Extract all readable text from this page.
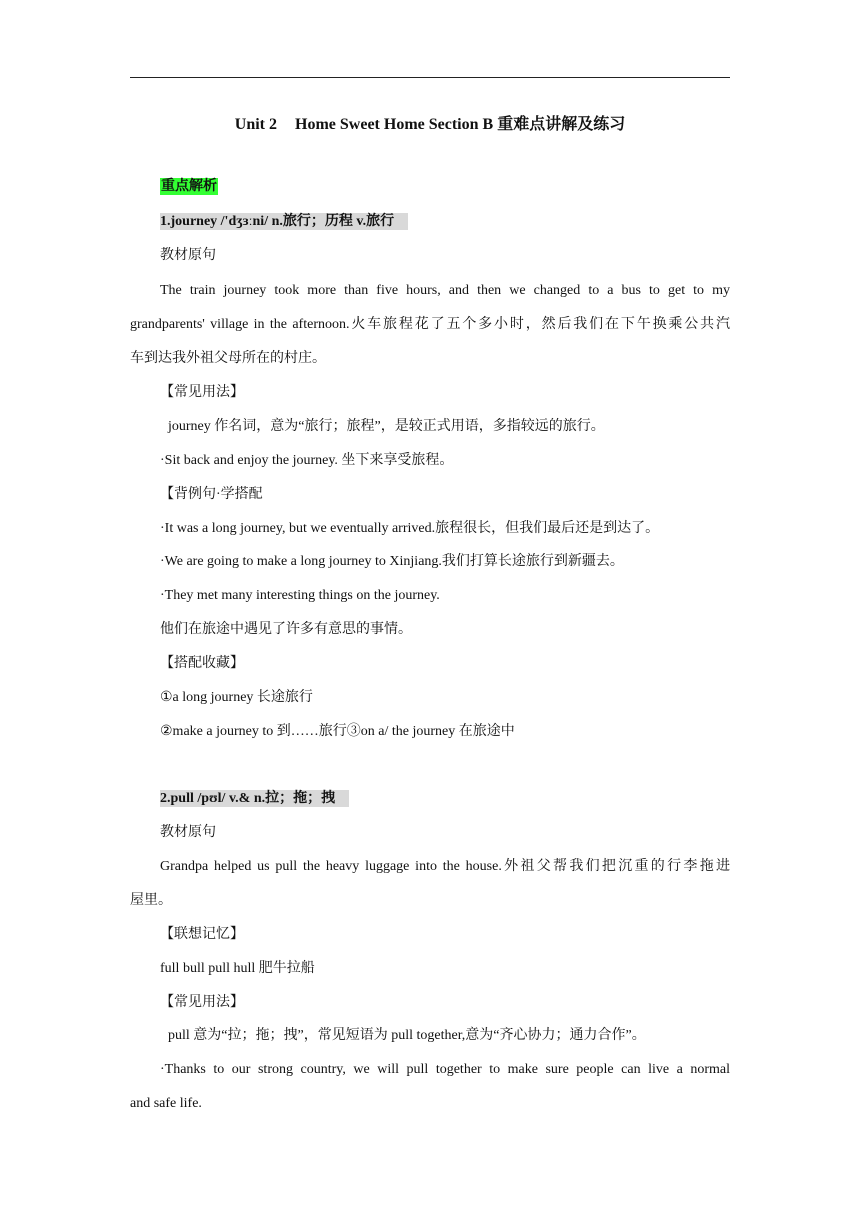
Unit 2 Home Sweet Home Section B 重难点讲解及练习
重点解析
1.journey /'dʒɜːni/ n.旅行；历程 v.旅行
教材原句
The train journey took more than five hours, and then we changed to a bus to get to my
grandparents' village in the afternoon.火车旅程花了五个多小时，然后我们在下午换乘公共汽
车到达我外祖父母所在的村庄。
【常见用法】
journey 作名词，意为“旅行；旅程”，是较正式用语，多指较远的旅行。
·Sit back and enjoy the journey. 坐下来享受旅程。
【背例句·学搭配
·It was a long journey, but we eventually arrived.旅程很长，但我们最后还是到达了。
·We are going to make a long journey to Xinjiang.我们打算长途旅行到新疆去。
·They met many interesting things on the journey.
他们在旅途中遇见了许多有意思的事情。
【搭配收藏】
①a long journey 长途旅行
②make a journey to 到……旅行③on a/ the journey 在旅途中
2.pull /pʊl/ v.& n.拉；拖；拽
教材原句
Grandpa helped us pull the heavy luggage into the house.外祖父帮我们把沉重的行李拖进
屋里。
【联想记忆】
full bull pull hull 肥牛拉船
【常见用法】
pull 意为“拉；拖；拽”，常见短语为 pull together,意为“齐心协力；通力合作”。
·Thanks to our strong country, we will pull together to make sure people can live a normal
and safe life.
